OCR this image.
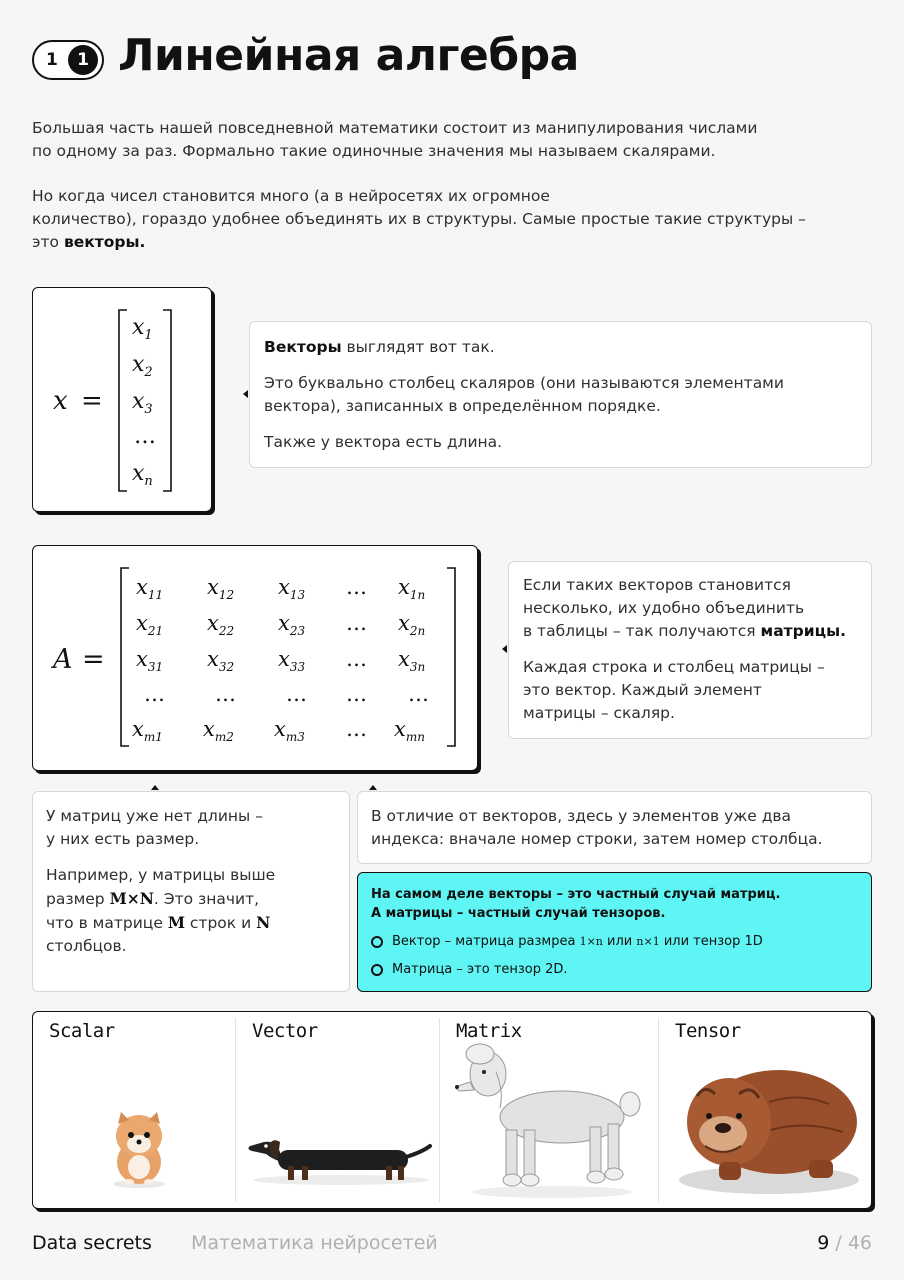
1	1 Линейная алгебра
Большая часть нашей повседневной математики состоит из манипулирования числами
по одному за раз. Формально такие одиночные значения мы называем скалярами.
Но когда чисел становится много (а в нейросетях их огромное
количество), гораздо удобнее объединять их в структуры. Самые простые такие структуры –
это векторы.
x =
$x_1$
$x_2$
$x_3$
…
$x_n$

Векторы выглядят вот так.

Это буквально столбец скаляров (они называются элементами вектора), записанных в определённом порядке.

Также у вектора есть длина.

A =
$x_{11}$ $x_{12}$ $x_{13}$ … $x_{1n}$
$x_{21}$ $x_{22}$ $x_{23}$ … $x_{2n}$
$x_{31}$ $x_{32}$ $x_{33}$ … $x_{3n}$
… … … … …
$x_{m1}$ $x_{m2}$ $x_{m3}$ … $x_{mn}$

Если таких векторов становится
несколько, их удобно объединить
в таблицы – так получаются матрицы.

Каждая строка и столбец матрицы –
это вектор. Каждый элемент
матрицы – скаляр.

У матриц уже нет длины –
у них есть размер.

Например, у матрицы выше
размер M×N. Это значит,
что в матрице M строк и N
столбцов.

В отличие от векторов, здесь у элементов уже два
индекса: вначале номер строки, затем номер столбца.
На самом деле векторы – это частный случай матриц.
А матрицы – частный случай тензоров.
Вектор – матрица размреа 1×n или n×1 или тензор 1D
Матрица – это тензор 2D.
Scalar	Vector	Matrix	Tensor
Data secrets Математика нейросетей	9 / 46
